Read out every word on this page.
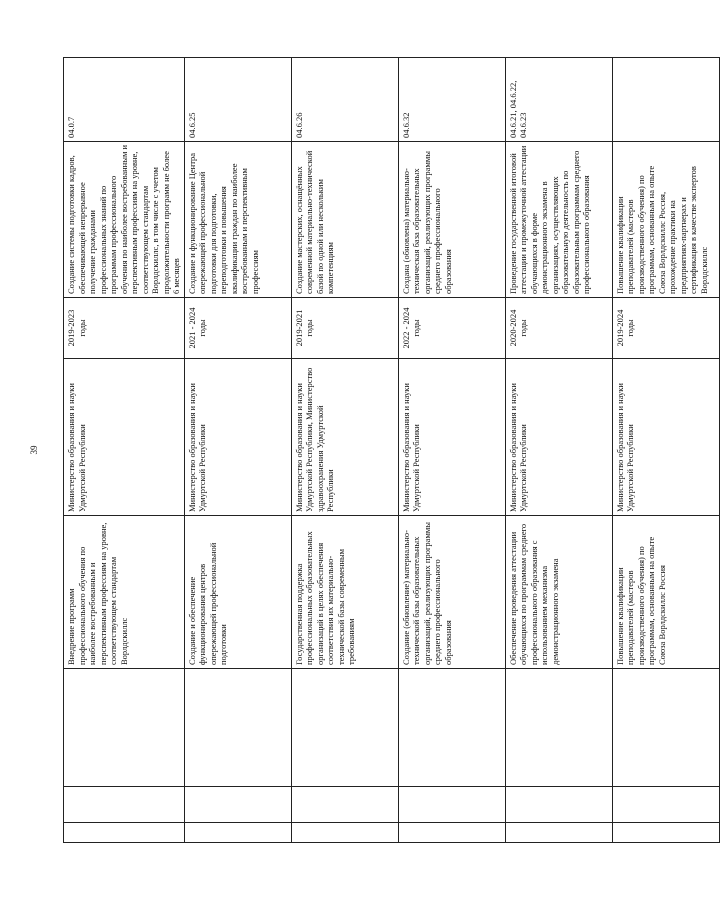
39
			Внедрение программ профессионального обучения по наиболее востребованным и перспективным профессиям на уровне, соответствующем стандартам Ворлдскиллс	Министерство образования и науки Удмуртской Республики	2019-2023 годы	Создание системы подготовки кадров, обеспечивающей непрерывное получение гражданами профессиональных знаний по программам профессионального обучения по наиболее востребованным и перспективным профессиям на уровне, соответствующем стандартам Ворлдскиллс, в том числе с учетом продолжительности программ не более 6 месяцев	04.0.7
			Создание и обеспечение функционирования центров опережающей профессиональной подготовки	Министерство образования и науки Удмуртской Республики	2021 - 2024 годы	Создание и функционирование Центра опережающей профессиональной подготовки для подготовки, переподготовки и повышения квалификации граждан по наиболее востребованным и перспективным профессиям	04.6.25
			Государственная поддержка профессиональных образовательных организаций в целях обеспечения соответствия их материально-технической базы современным требованиям	Министерство образования и науки Удмуртской Республики, Министерство здравоохранения Удмуртской Республики	2019-2021 годы	Создание мастерских, оснащённых современной материально-технической базой по одной или нескольким компетенциям	04.6.26
			Создание (обновление) материально-технической базы образовательных организаций, реализующих программы среднего профессионального образования	Министерство образования и науки Удмуртской Республики	2022 - 2024 годы	Создана (обновлена) материально-техническая база образовательных организаций, реализующих программы среднего профессионального образования	04.6.32
			Обеспечение проведения аттестации обучающихся по программам среднего профессионального образования с использованием механизма демонстрационного экзамена	Министерство образования и науки Удмуртской Республики	2020-2024 годы	Проведение государственной итоговой аттестации и промежуточной аттестации обучающихся в форме демонстрационного экзамена в организациях, осуществляющих образовательную деятельность по образовательным программам среднего профессионального образования	04.6.21, 04.6.22, 04.6.23
			Повышение квалификации преподавателей (мастеров производственного обучения) по программам, основанным на опыте Союза Ворлдскиллс Россия	Министерство образования и науки Удмуртской Республики	2019-2024 годы	Повышение квалификации преподавателей (мастеров производственного обучения) по программам, основанным на опыте Союза Ворлдскиллс Россия, прохождение практики на предприятиях-партнерах и сертификация в качестве экспертов Ворлдскиллс	
